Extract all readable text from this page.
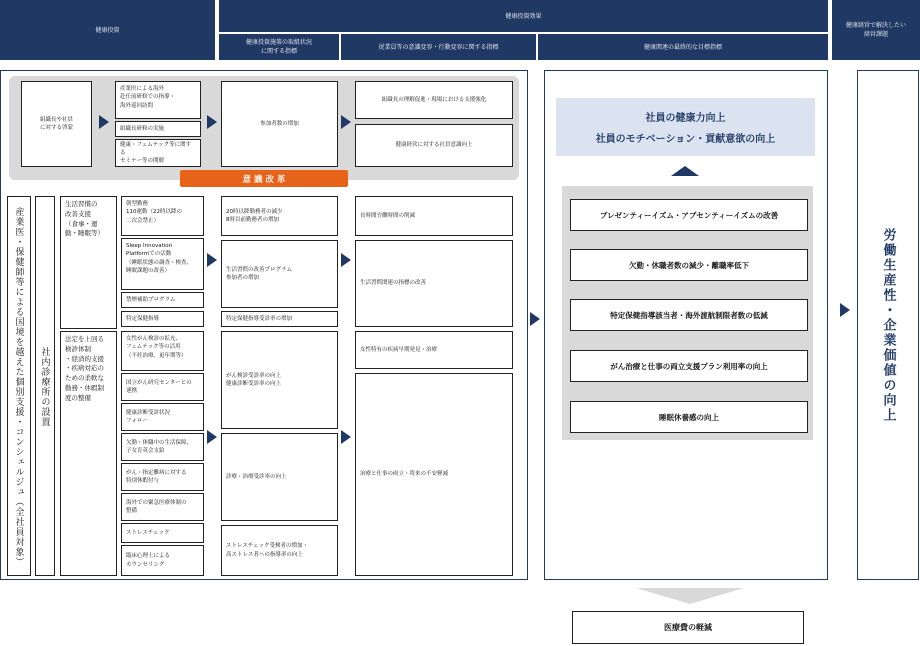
健康投資
健康投資効果
健康経営で解決したい
経営課題
健康投資施策の取組状況
に関する指標
従業員等の意識変容・行動変容に関する指標	健康関連の最終的な目標指標
組織長や社員
に対する啓蒙
産業医による海外
赴任前研修での指導・
海外巡回訪問
組織長研修の実施
健康・フェムテック等に関する
セミナー等の開催
参加者数の増加
組織長の理解促進・現場における支援強化
健康経営に対する社員意識向上
意 識 改 革
産業医・保健師等による国境を越えた個別支援・コンシェルジュ（全社員対象） 社内診療所の設置
生活習慣の
改善支援
（食事・運
動・睡眠等）
法定を上回る
検診体制
・経済的支援
・疾病対応の
ための柔軟な
勤務・休暇制
度の整備
朝型勤務
110運動（22時以降の
二次会禁止）
Sleep Innovation
Platformでの活動
（睡眠状態の調査・検査、
睡眠課題の改善）
禁煙補助プログラム
特定保健指導
女性がん検診の拡充、
フェムテック等の活用
（不妊治療、更年期等）
国立がん研究センターとの
連携
健康診断受診状況
フォロー
欠勤・休職中の生活保障、
子女育英会支給
がん・指定難病に対する
特別休暇付与
海外での緊急医療体制の
整備
ストレスチェック
臨床心理士による
カウンセリング
20時以降勤務者の減少
8時以前勤務者の増加
生活習慣の改善プログラム
参加者の増加
特定保健指導受診率の増加
がん検診受診率の向上
健康診断受診率の向上
診療・治療受診率の向上
ストレスチェック受検者の増加・
高ストレス者への指導率の向上
長時間労働時間の削減
生活習慣関連の指標の改善
女性特有の疾病早期発見・治療
治療と仕事の両立・将来の不安軽減
社員の健康力向上
社員のモチベーション・貢献意欲の向上
プレゼンティーイズム・アブセンティーイズムの改善
欠勤・休職者数の減少・離職率低下
特定保健指導該当者・海外渡航制限者数の低減
がん治療と仕事の両立支援プラン利用率の向上
睡眠休養感の向上	労働生産性・企業価値の向上
医療費の軽減
